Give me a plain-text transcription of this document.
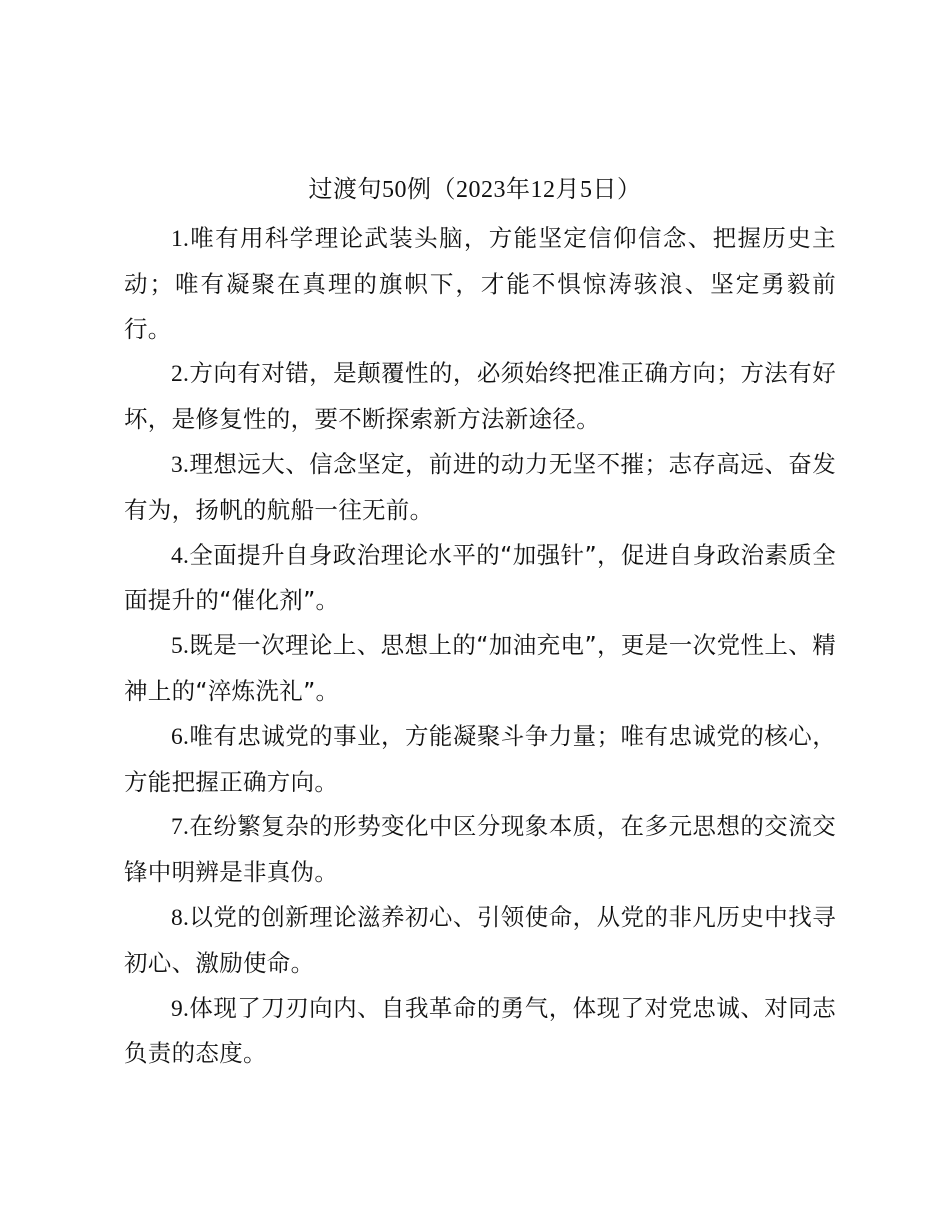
过渡句50例（2023年12月5日）

1.唯有用科学理论武装头脑，方能坚定信仰信念、把握历史主动；唯有凝聚在真理的旗帜下，才能不惧惊涛骇浪、坚定勇毅前行。

2.方向有对错，是颠覆性的，必须始终把准正确方向；方法有好坏，是修复性的，要不断探索新方法新途径。

3.理想远大、信念坚定，前进的动力无坚不摧；志存高远、奋发有为，扬帆的航船一往无前。

4.全面提升自身政治理论水平的“加强针”，促进自身政治素质全面提升的“催化剂”。

5.既是一次理论上、思想上的“加油充电”，更是一次党性上、精神上的“淬炼洗礼”。

6.唯有忠诚党的事业，方能凝聚斗争力量；唯有忠诚党的核心，方能把握正确方向。

7.在纷繁复杂的形势变化中区分现象本质，在多元思想的交流交锋中明辨是非真伪。

8.以党的创新理论滋养初心、引领使命，从党的非凡历史中找寻初心、激励使命。

9.体现了刀刃向内、自我革命的勇气，体现了对党忠诚、对同志负责的态度。
